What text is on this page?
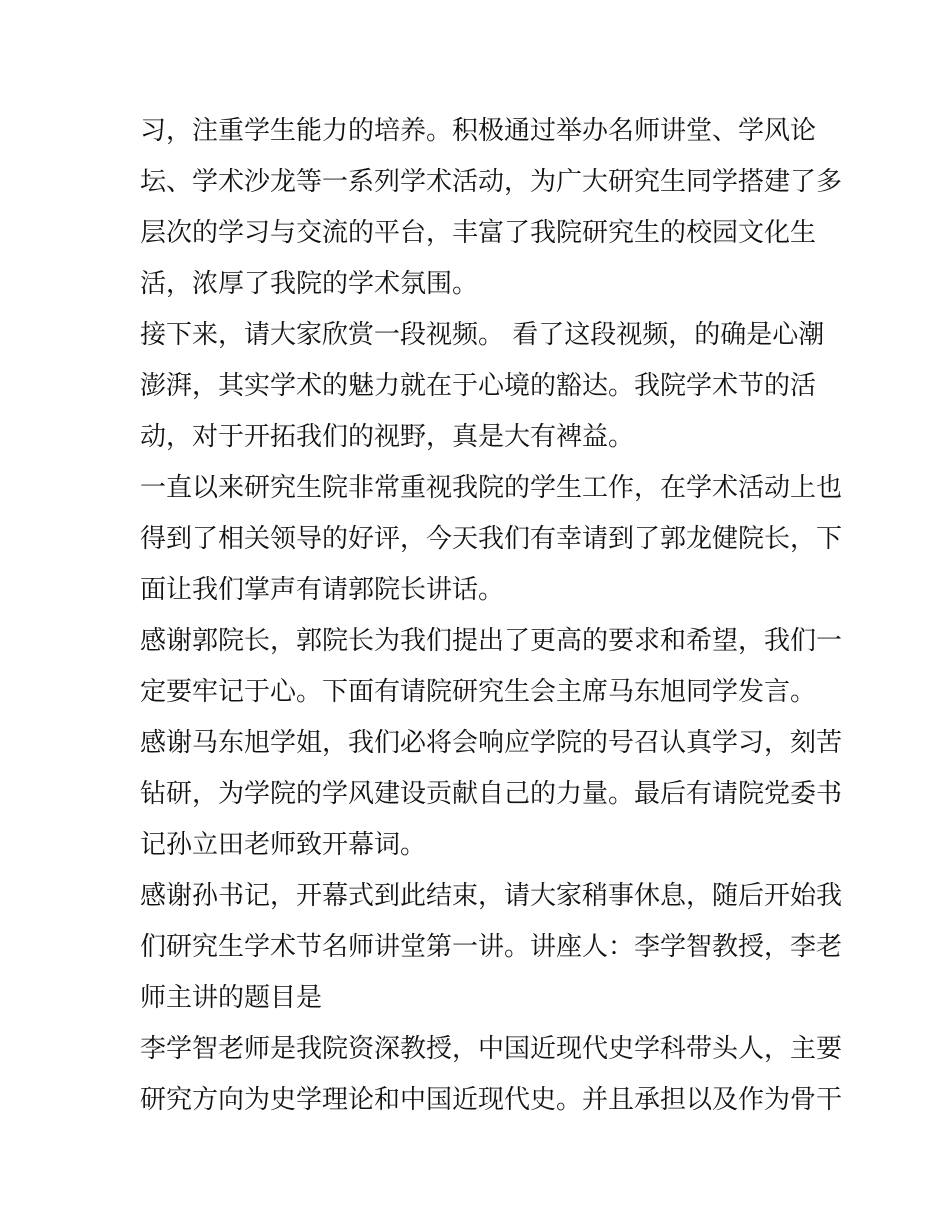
习，注重学生能力的培养。积极通过举办名师讲堂、学风论
坛、学术沙龙等一系列学术活动，为广大研究生同学搭建了多
层次的学习与交流的平台，丰富了我院研究生的校园文化生
活，浓厚了我院的学术氛围。
接下来，请大家欣赏一段视频。 看了这段视频，的确是心潮
澎湃，其实学术的魅力就在于心境的豁达。我院学术节的活
动，对于开拓我们的视野，真是大有裨益。
一直以来研究生院非常重视我院的学生工作，在学术活动上也
得到了相关领导的好评，今天我们有幸请到了郭龙健院长，下
面让我们掌声有请郭院长讲话。
感谢郭院长，郭院长为我们提出了更高的要求和希望，我们一
定要牢记于心。下面有请院研究生会主席马东旭同学发言。
感谢马东旭学姐，我们必将会响应学院的号召认真学习，刻苦
钻研，为学院的学风建设贡献自己的力量。最后有请院党委书
记孙立田老师致开幕词。
感谢孙书记，开幕式到此结束，请大家稍事休息，随后开始我
们研究生学术节名师讲堂第一讲。讲座人：李学智教授，李老
师主讲的题目是
李学智老师是我院资深教授，中国近现代史学科带头人，主要
研究方向为史学理论和中国近现代史。并且承担以及作为骨干
